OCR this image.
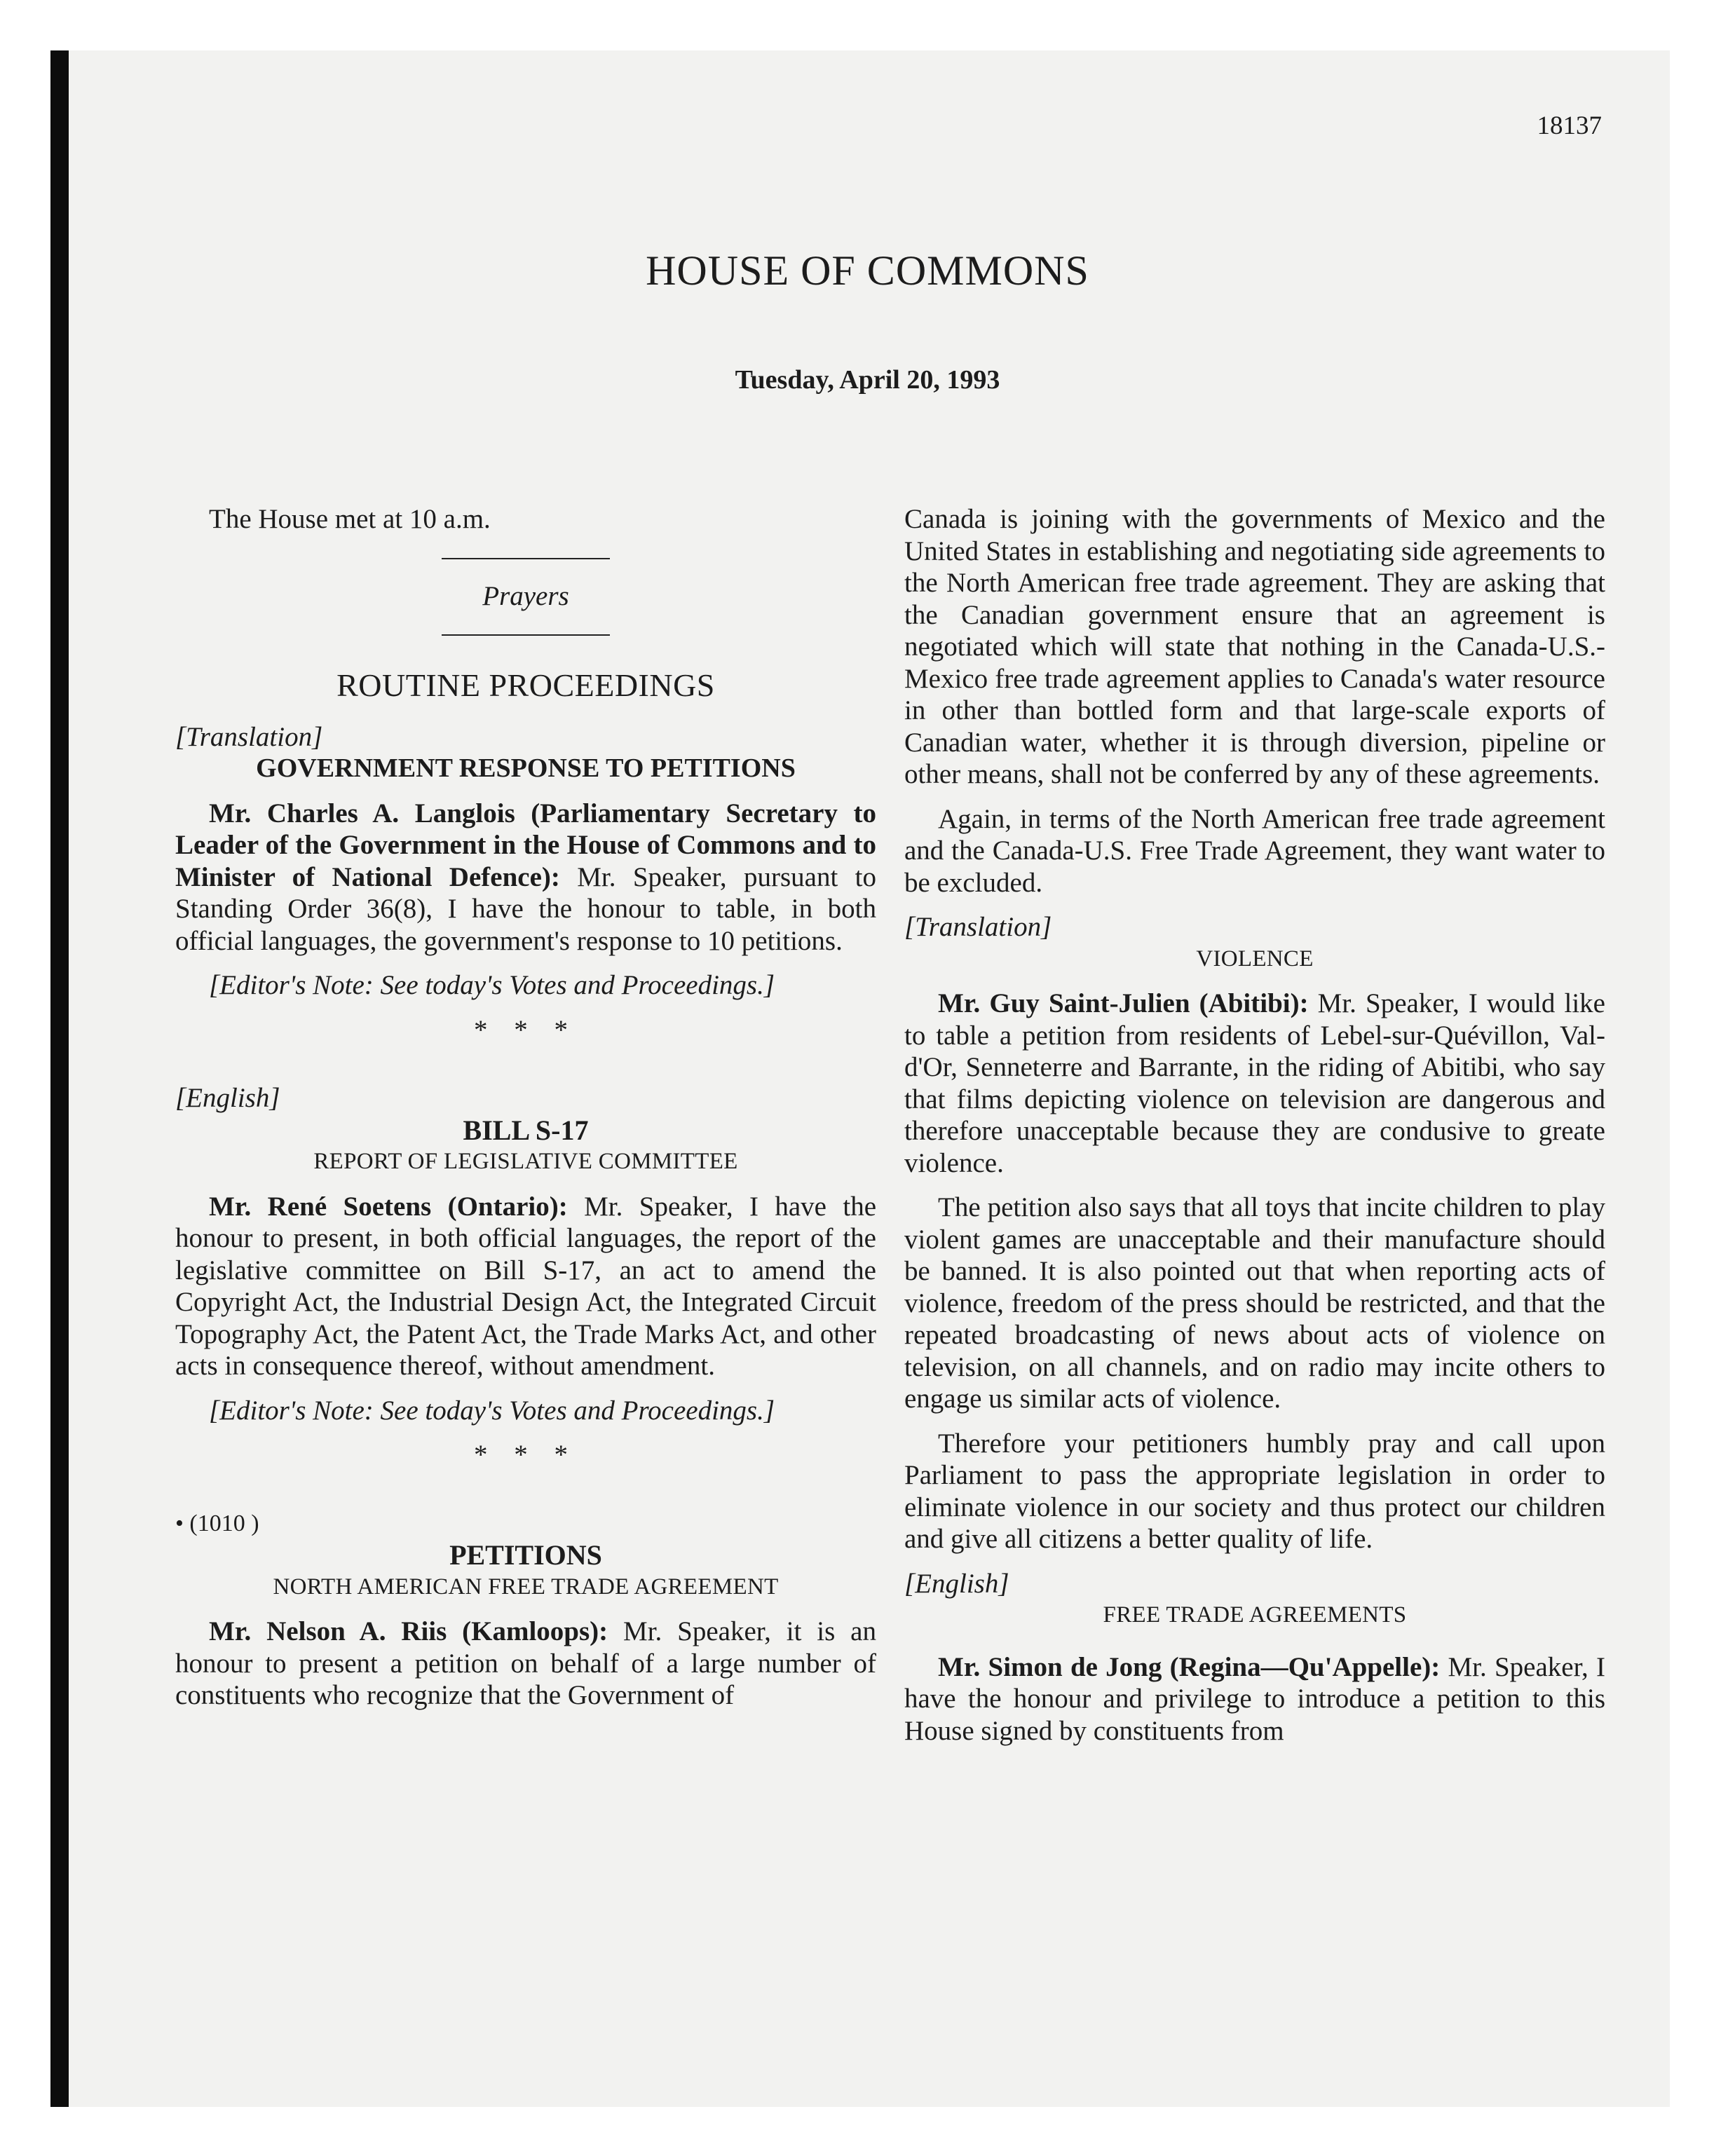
18137

HOUSE OF COMMONS

Tuesday, April 20, 1993

The House met at 10 a.m.

Prayers

ROUTINE PROCEEDINGS

[Translation]

GOVERNMENT RESPONSE TO PETITIONS

Mr. Charles A. Langlois (Parliamentary Secretary to Leader of the Government in the House of Commons and to Minister of National Defence): Mr. Speaker, pursuant to Standing Order 36(8), I have the honour to table, in both official languages, the government's response to 10 petitions.

[Editor's Note: See today's Votes and Proceedings.]

* * *

[English]

BILL S-17

REPORT OF LEGISLATIVE COMMITTEE

Mr. René Soetens (Ontario): Mr. Speaker, I have the honour to present, in both official languages, the report of the legislative committee on Bill S-17, an act to amend the Copyright Act, the Industrial Design Act, the Integrated Circuit Topography Act, the Patent Act, the Trade Marks Act, and other acts in consequence thereof, without amendment.

[Editor's Note: See today's Votes and Proceedings.]

* * *

• (1010 )

PETITIONS

NORTH AMERICAN FREE TRADE AGREEMENT

Mr. Nelson A. Riis (Kamloops): Mr. Speaker, it is an honour to present a petition on behalf of a large number of constituents who recognize that the Government of

Canada is joining with the governments of Mexico and the United States in establishing and negotiating side agreements to the North American free trade agreement. They are asking that the Canadian government ensure that an agreement is negotiated which will state that nothing in the Canada-U.S.-Mexico free trade agreement applies to Canada's water resource in other than bottled form and that large-scale exports of Canadian water, whether it is through diversion, pipeline or other means, shall not be conferred by any of these agreements.

Again, in terms of the North American free trade agreement and the Canada-U.S. Free Trade Agreement, they want water to be excluded.

[Translation]

VIOLENCE

Mr. Guy Saint-Julien (Abitibi): Mr. Speaker, I would like to table a petition from residents of Lebel-sur-Quévillon, Val-d'Or, Senneterre and Barrante, in the riding of Abitibi, who say that films depicting violence on television are dangerous and therefore unacceptable because they are condusive to greate violence.

The petition also says that all toys that incite children to play violent games are unacceptable and their manufacture should be banned. It is also pointed out that when reporting acts of violence, freedom of the press should be restricted, and that the repeated broadcasting of news about acts of violence on television, on all channels, and on radio may incite others to engage us similar acts of violence.

Therefore your petitioners humbly pray and call upon Parliament to pass the appropriate legislation in order to eliminate violence in our society and thus protect our children and give all citizens a better quality of life.

[English]

FREE TRADE AGREEMENTS

Mr. Simon de Jong (Regina—Qu'Appelle): Mr. Speaker, I have the honour and privilege to introduce a petition to this House signed by constituents from
